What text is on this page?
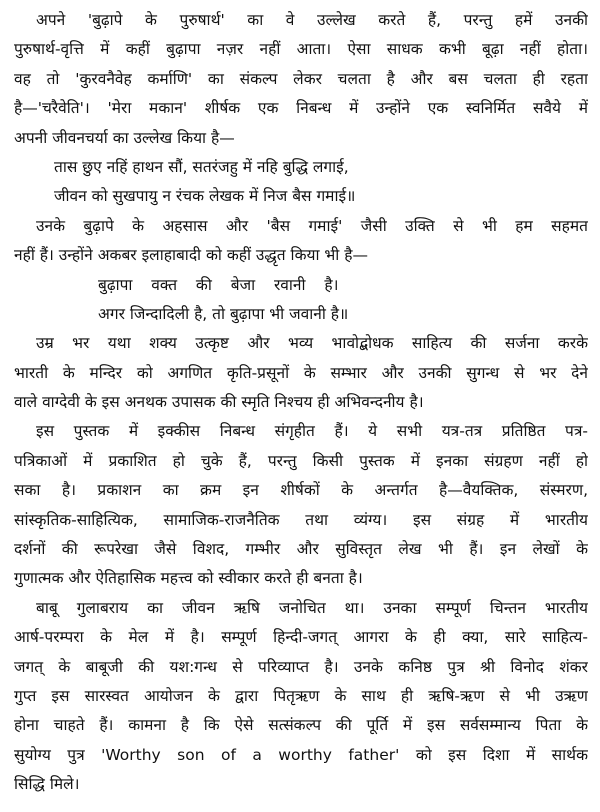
अपने 'बुढ़ापे के पुरुषार्थ' का वे उल्लेख करते हैं, परन्तु हमें उनकी
पुरुषार्थ-वृत्ति में कहीं बुढ़ापा नज़र नहीं आता। ऐसा साधक कभी बूढ़ा नहीं होता।
वह तो 'कुरवनैवेह कर्माणि' का संकल्प लेकर चलता है और बस चलता ही रहता
है—'चरैवेति'। 'मेरा मकान' शीर्षक एक निबन्ध में उन्होंने एक स्वनिर्मित सवैये में
अपनी जीवनचर्या का उल्लेख किया है—
तास छुए नहिं हाथन सौं, सतरंजहु में नहि बुद्धि लगाई,
जीवन को सुखपायु न रंचक लेखक में निज बैस गमाई॥
उनके बुढ़ापे के अहसास और 'बैस गमाई' जैसी उक्ति से भी हम सहमत
नहीं हैं। उन्होंने अकबर इलाहाबादी को कहीं उद्धृत किया भी है—
बुढ़ापा वक्त की बेजा रवानी है।
अगर जिन्दादिली है, तो बुढ़ापा भी जवानी है॥
उम्र भर यथा शक्य उत्कृष्ट और भव्य भावोद्बोधक साहित्य की सर्जना करके
भारती के मन्दिर को अगणित कृति-प्रसूनों के सम्भार और उनकी सुगन्ध से भर देने
वाले वाग्देवी के इस अनथक उपासक की स्मृति निश्चय ही अभिवन्दनीय है।
इस पुस्तक में इक्कीस निबन्ध संगृहीत हैं। ये सभी यत्र-तत्र प्रतिष्ठित पत्र-
पत्रिकाओं में प्रकाशित हो चुके हैं, परन्तु किसी पुस्तक में इनका संग्रहण नहीं हो
सका है। प्रकाशन का क्रम इन शीर्षकों के अन्तर्गत है—वैयक्तिक, संस्मरण,
सांस्कृतिक-साहित्यिक, सामाजिक-राजनैतिक तथा व्यंग्य। इस संग्रह में भारतीय
दर्शनों की रूपरेखा जैसे विशद, गम्भीर और सुविस्तृत लेख भी हैं। इन लेखों के
गुणात्मक और ऐतिहासिक महत्त्व को स्वीकार करते ही बनता है।
बाबू गुलाबराय का जीवन ऋषि जनोचित था। उनका सम्पूर्ण चिन्तन भारतीय
आर्ष-परम्परा के मेल में है। सम्पूर्ण हिन्दी-जगत् आगरा के ही क्या, सारे साहित्य-
जगत् के बाबूजी की यश:गन्ध से परिव्याप्त है। उनके कनिष्ठ पुत्र श्री विनोद शंकर
गुप्त इस सारस्वत आयोजन के द्वारा पितृऋण के साथ ही ऋषि-ऋण से भी उऋण
होना चाहते हैं। कामना है कि ऐसे सत्संकल्प की पूर्ति में इस सर्वसम्मान्य पिता के
सुयोग्य पुत्र 'Worthy son of a worthy father' को इस दिशा में सार्थक
सिद्धि मिले।
